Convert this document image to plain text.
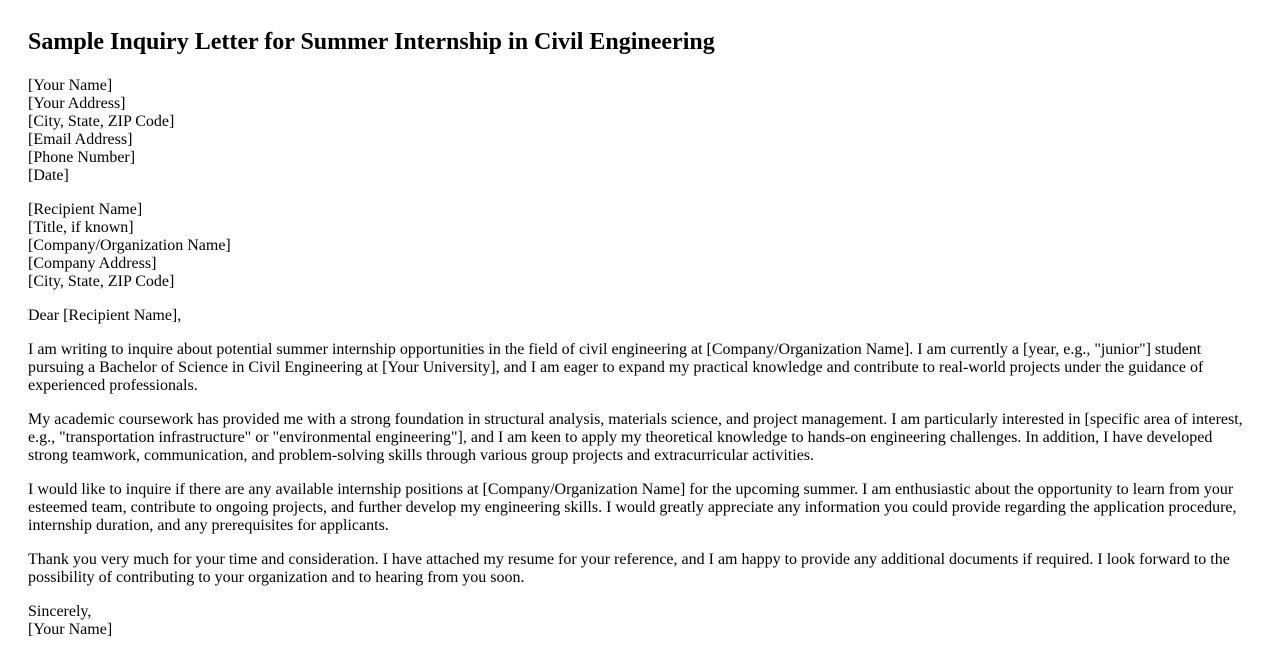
Sample Inquiry Letter for Summer Internship in Civil Engineering
[Your Name]
[Your Address]
[City, State, ZIP Code]
[Email Address]
[Phone Number]
[Date]
[Recipient Name]
[Title, if known]
[Company/Organization Name]
[Company Address]
[City, State, ZIP Code]

Dear [Recipient Name],

I am writing to inquire about potential summer internship opportunities in the field of civil engineering at [Company/Organization Name]. I am currently a [year, e.g., "junior"] student pursuing a Bachelor of Science in Civil Engineering at [Your University], and I am eager to expand my practical knowledge and contribute to real-world projects under the guidance of experienced professionals.

My academic coursework has provided me with a strong foundation in structural analysis, materials science, and project management. I am particularly interested in [specific area of interest, e.g., "transportation infrastructure" or "environmental engineering"], and I am keen to apply my theoretical knowledge to hands-on engineering challenges. In addition, I have developed strong teamwork, communication, and problem-solving skills through various group projects and extracurricular activities.

I would like to inquire if there are any available internship positions at [Company/Organization Name] for the upcoming summer. I am enthusiastic about the opportunity to learn from your esteemed team, contribute to ongoing projects, and further develop my engineering skills. I would greatly appreciate any information you could provide regarding the application procedure, internship duration, and any prerequisites for applicants.

Thank you very much for your time and consideration. I have attached my resume for your reference, and I am happy to provide any additional documents if required. I look forward to the possibility of contributing to your organization and to hearing from you soon.

Sincerely,
[Your Name]
